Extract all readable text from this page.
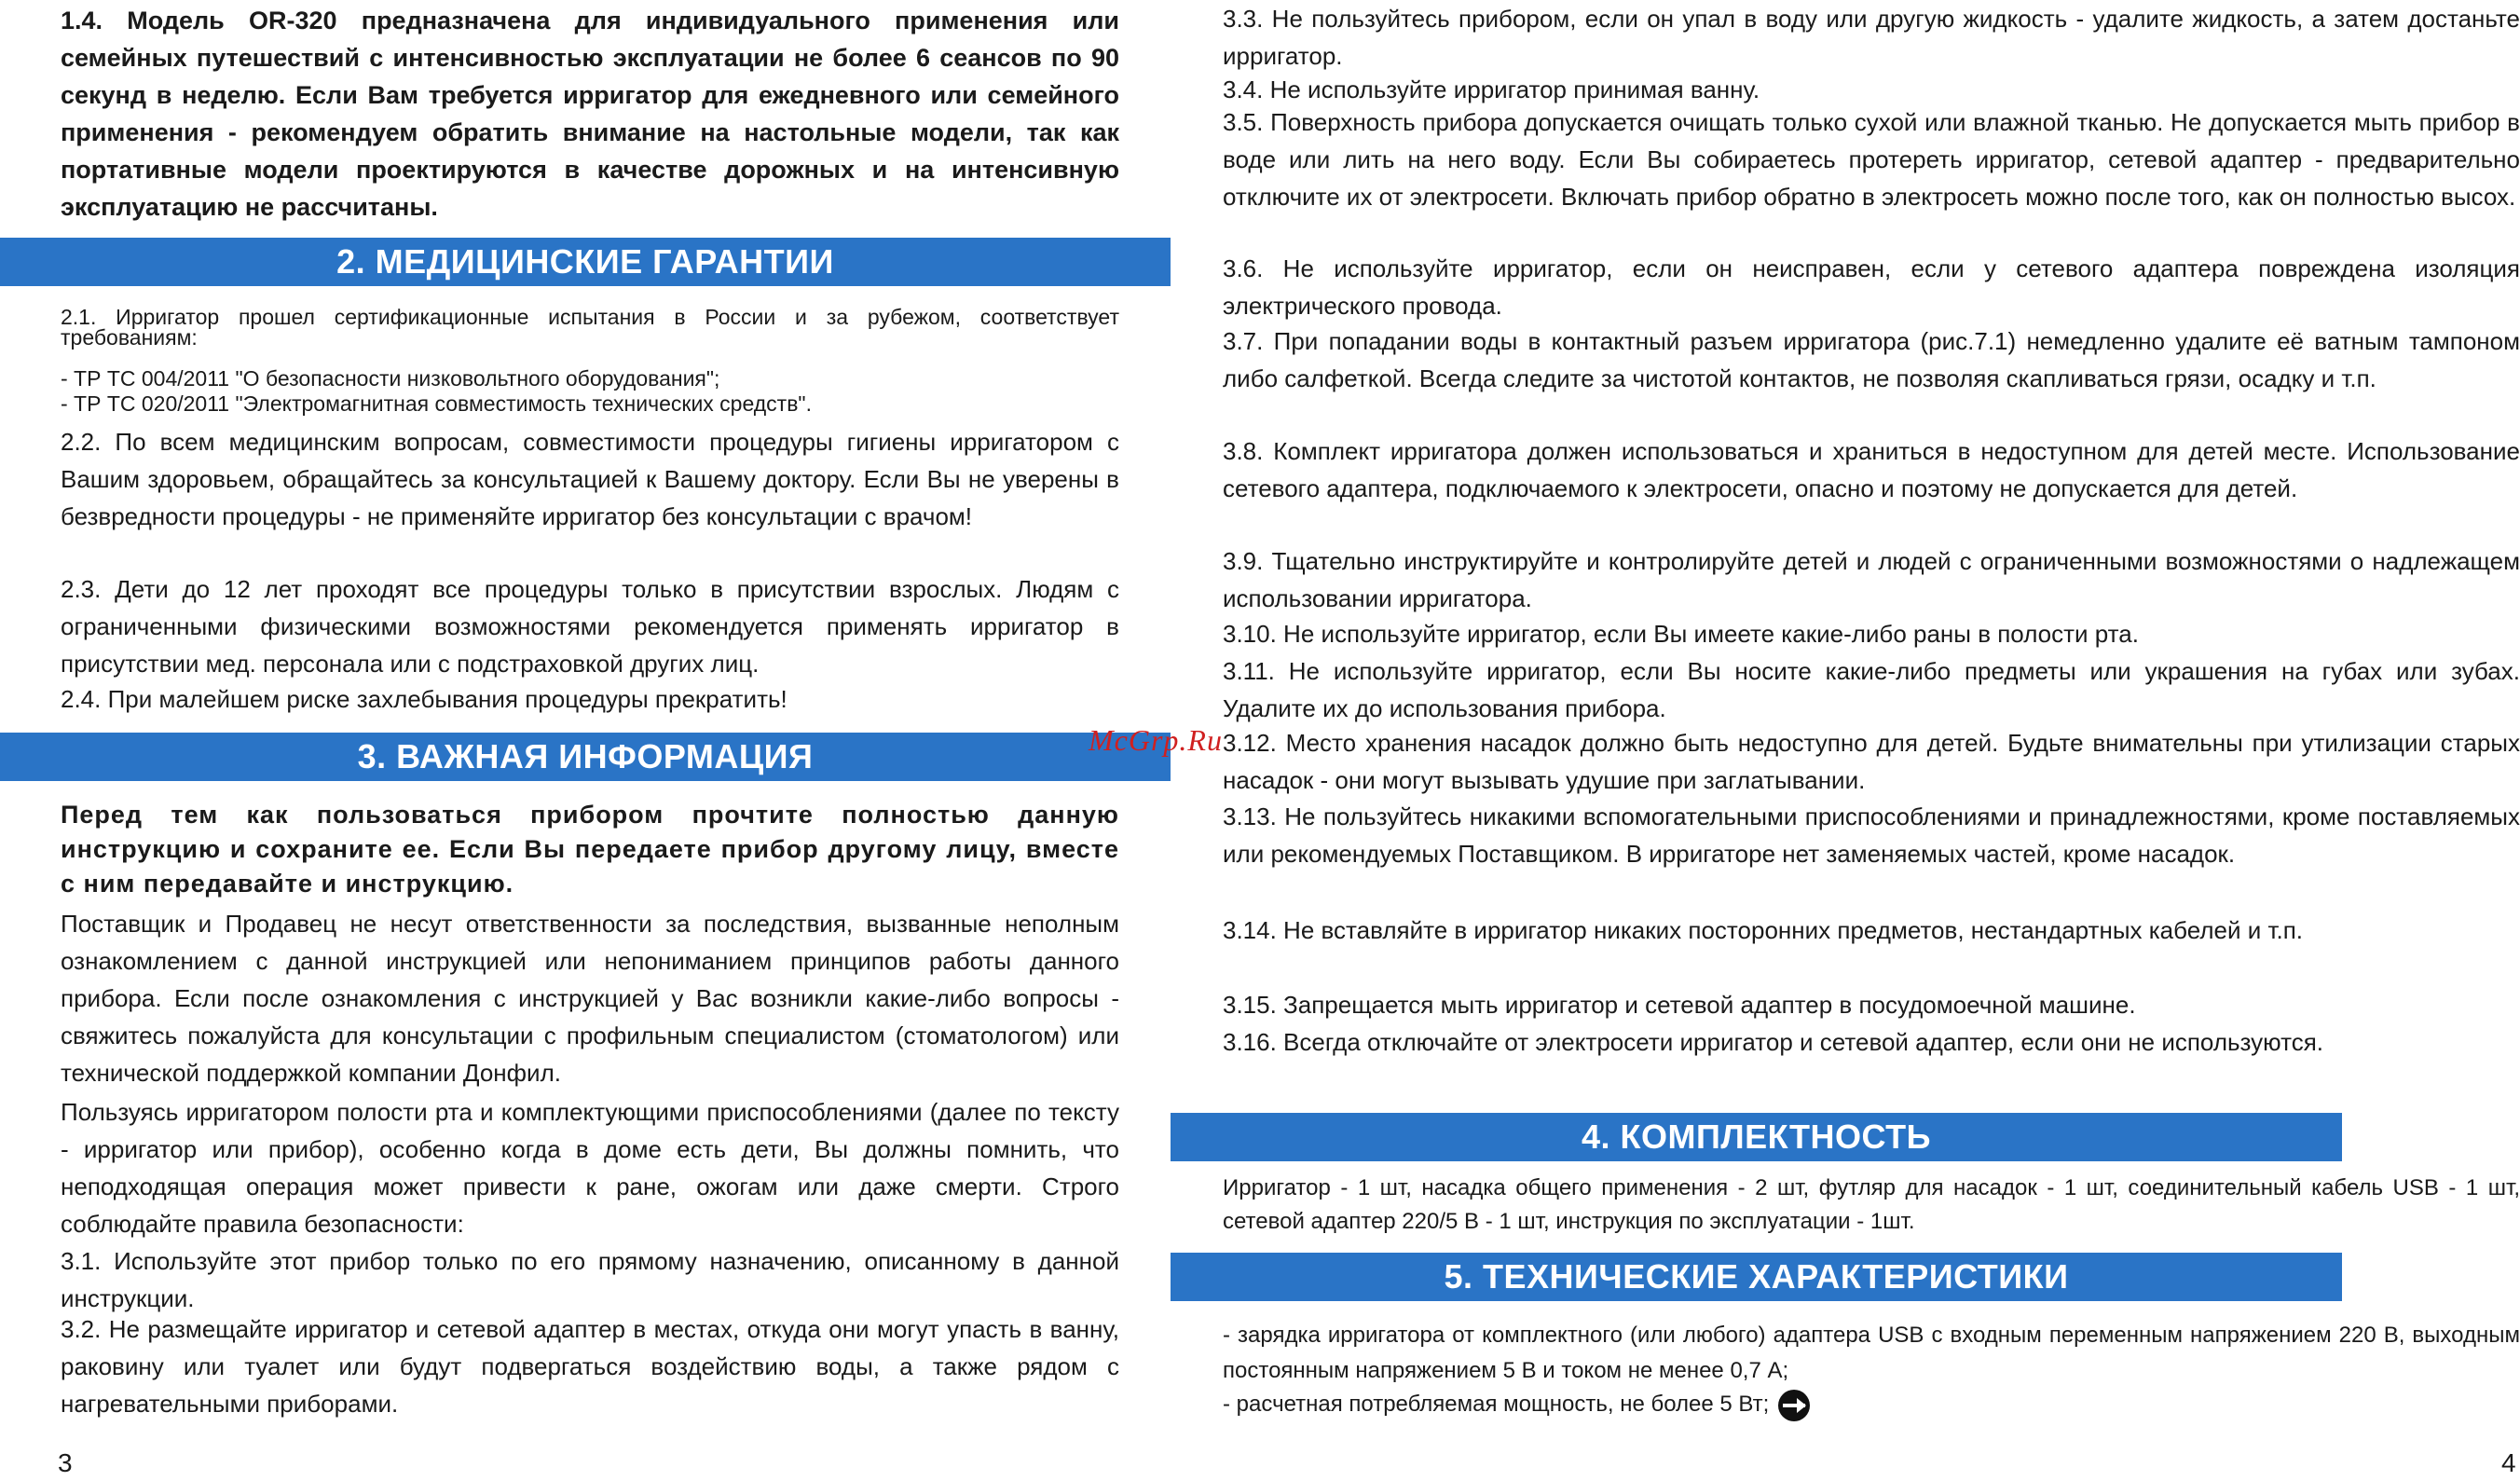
1.4. Модель OR-320 предназначена для индивидуального применения или семейных путешествий с интенсивностью эксплуатации не более 6 сеансов по 90 секунд в неделю. Если Вам требуется ирригатор для ежедневного или семейного применения - рекомендуем обратить внимание на настольные модели, так как портативные модели проектируются в качестве дорожных и на интенсивную эксплуатацию не рассчитаны.

2. МЕДИЦИНСКИЕ ГАРАНТИИ

2.1. Ирригатор прошел сертификационные испытания в России и за рубежом, соответствует требованиям:

- ТР ТС 004/2011 "О безопасности низковольтного оборудования";

- ТР ТС 020/2011 "Электромагнитная совместимость технических средств".

2.2. По всем медицинским вопросам, совместимости процедуры гигиены ирригатором с Вашим здоровьем, обращайтесь за консультацией к Вашему доктору. Если Вы не уверены в безвредности процедуры - не применяйте ирригатор без консультации с врачом!

2.3. Дети до 12 лет проходят все процедуры только в присутствии взрослых. Людям с ограниченными физическими возможностями рекомендуется применять ирригатор в присутствии мед. персонала или с подстраховкой других лиц.

2.4. При малейшем риске захлебывания процедуры прекратить!

3. ВАЖНАЯ ИНФОРМАЦИЯ

Перед тем как пользоваться прибором прочтите полностью данную инструкцию и сохраните ее. Если Вы передаете прибор другому лицу, вместе с ним передавайте и инструкцию.

Поставщик и Продавец не несут ответственности за последствия, вызванные неполным ознакомлением с данной инструкцией или непониманием принципов работы данного прибора. Если после ознакомления с инструкцией у Вас возникли какие-либо вопросы - свяжитесь пожалуйста для консультации с профильным специалистом (стоматологом) или технической поддержкой компании Донфил.

Пользуясь ирригатором полости рта и комплектующими приспособлениями (далее по тексту - ирригатор или прибор), особенно когда в доме есть дети, Вы должны помнить, что неподходящая операция может привести к ране, ожогам или даже смерти. Строго соблюдайте правила безопасности:

3.1. Используйте этот прибор только по его прямому назначению, описанному в данной инструкции.

3.2. Не размещайте ирригатор и сетевой адаптер в местах, откуда они могут упасть в ванну, раковину или туалет или будут подвергаться воздействию воды, а также рядом с нагревательными приборами.

3

3.3. Не пользуйтесь прибором, если он упал в воду или другую жидкость - удалите жидкость, а затем достаньте ирригатор.

3.4. Не используйте ирригатор принимая ванну.

3.5. Поверхность прибора допускается очищать только сухой или влажной тканью. Не допускается мыть прибор в воде или лить на него воду. Если Вы собираетесь протереть ирригатор, сетевой адаптер - предварительно отключите их от электросети. Включать прибор обратно в электросеть можно после того, как он полностью высох.

3.6. Не используйте ирригатор, если он неисправен, если у сетевого адаптера повреждена изоляция электрического провода.

3.7. При попадании воды в контактный разъем ирригатора (рис.7.1) немедленно удалите её ватным тампоном либо салфеткой. Всегда следите за чистотой контактов, не позволяя скапливаться грязи, осадку и т.п.

3.8. Комплект ирригатора должен использоваться и храниться в недоступном для детей месте. Использование сетевого адаптера, подключаемого к электросети, опасно и поэтому не допускается для детей.

3.9. Тщательно инструктируйте и контролируйте детей и людей с ограниченными возможностями о надлежащем использовании ирригатора.

3.10. Не используйте ирригатор, если Вы имеете какие-либо раны в полости рта.

3.11. Не используйте ирригатор, если Вы носите какие-либо предметы или украшения на губах или зубах. Удалите их до использования прибора.

3.12. Место хранения насадок должно быть недоступно для детей. Будьте внимательны при утилизации старых насадок - они могут вызывать удушие при заглатывании.

3.13. Не пользуйтесь никакими вспомогательными приспособлениями и принадлежностями, кроме поставляемых или рекомендуемых Поставщиком. В ирригаторе нет заменяемых частей, кроме насадок.

3.14. Не вставляйте в ирригатор никаких посторонних предметов, нестандартных кабелей и т.п.

3.15. Запрещается мыть ирригатор и сетевой адаптер в посудомоечной машине.

3.16. Всегда отключайте от электросети ирригатор и сетевой адаптер, если они не используются.

4. КОМПЛЕКТНОСТЬ

Ирригатор - 1 шт, насадка общего применения - 2 шт, футляр для насадок - 1 шт, соединительный кабель USB - 1 шт, сетевой адаптер 220/5 В - 1 шт, инструкция по эксплуатации - 1шт.

5. ТЕХНИЧЕСКИЕ ХАРАКТЕРИСТИКИ

- зарядка ирригатора от комплектного (или любого) адаптера USB с входным переменным напряжением 220 В, выходным постоянным напряжением 5 В и током не менее 0,7 А;

- расчетная потребляемая мощность, не более 5 Вт;

4
McGrp.Ru
